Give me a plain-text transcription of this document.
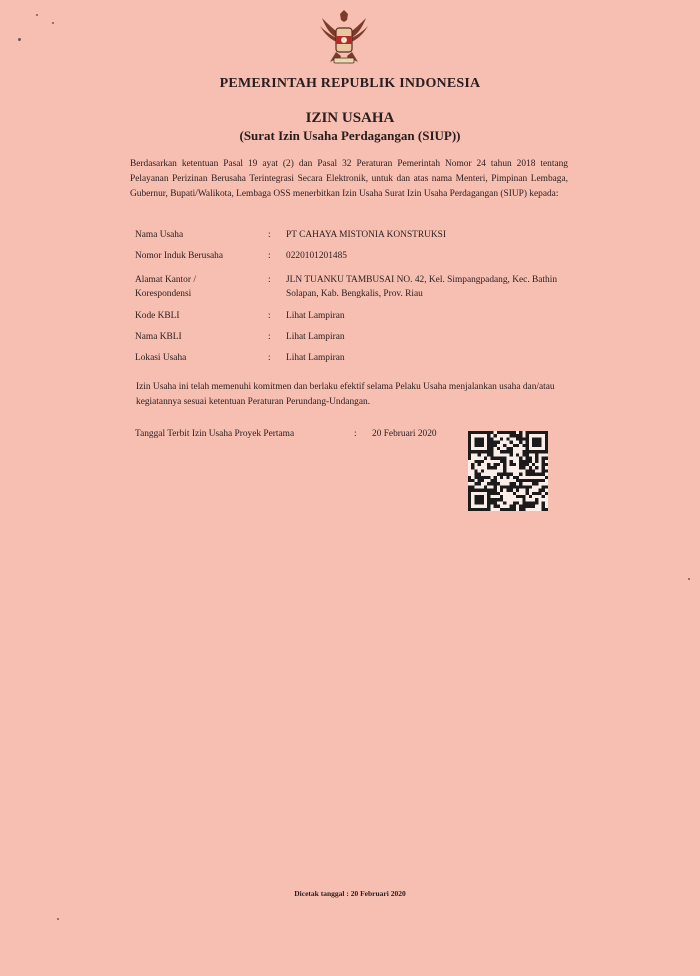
PEMERINTAH REPUBLIK INDONESIA
IZIN USAHA
(Surat Izin Usaha Perdagangan (SIUP))
Berdasarkan ketentuan Pasal 19 ayat (2) dan Pasal 32 Peraturan Pemerintah Nomor 24 tahun 2018 tentang Pelayanan Perizinan Berusaha Terintegrasi Secara Elektronik, untuk dan atas nama Menteri, Pimpinan Lembaga, Gubernur, Bupati/Walikota, Lembaga OSS menerbitkan Izin Usaha Surat Izin Usaha Perdagangan (SIUP) kepada:
Nama Usaha	: PT CAHAYA MISTONIA KONSTRUKSI
Nomor Induk Berusaha	: 0220101201485
Alamat Kantor / Korespondensi
: JLN TUANKU TAMBUSAI NO. 42, Kel. Simpangpadang, Kec. Bathin Solapan, Kab. Bengkalis, Prov. Riau
Kode KBLI	: Lihat Lampiran
Nama KBLI	: Lihat Lampiran
Lokasi Usaha	: Lihat Lampiran
Izin Usaha ini telah memenuhi komitmen dan berlaku efektif selama Pelaku Usaha menjalankan usaha dan/atau kegiatannya sesuai ketentuan Peraturan Perundang-Undangan.
Tanggal Terbit Izin Usaha Proyek Pertama	: 20 Februari 2020
Dicetak tanggal : 20 Februari 2020
